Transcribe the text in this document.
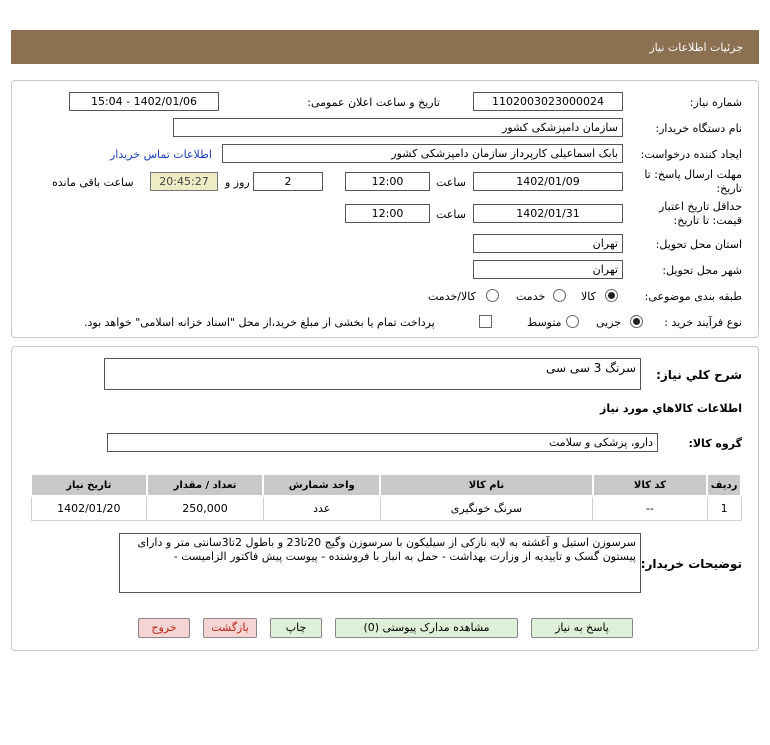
جزئیات اطلاعات نیاز
شماره نیاز:
1102003023000024
تاریخ و ساعت اعلان عمومی:
1402/01/06 - 15:04
نام دستگاه خریدار:
سازمان دامپزشکی کشور
ایجاد کننده درخواست:
بابک اسماعیلی کارپرداز سازمان دامپزشکی کشور
اطلاعات تماس خریدار
مهلت ارسال پاسخ: تا تاریخ:
1402/01/09
ساعت
12:00
2
روز و
20:45:27
ساعت باقی مانده
حداقل تاریخ اعتبار قیمت: تا تاریخ:
1402/01/31
ساعت
12:00
استان محل تحویل:
تهران
شهر محل تحویل:
تهران
طبقه بندی موضوعی:
کالا
خدمت
کالا/خدمت
نوع فرآیند خرید :
جزیی
متوسط
پرداخت تمام یا بخشی از مبلغ خرید،از محل "اسناد خزانه اسلامی" خواهد بود.
شرح کلي نياز:
سرنگ 3 سی سی
اطلاعات کالاهاي مورد نياز
گروه کالا:
دارو، پزشکی و سلامت
ردیف	کد کالا	نام کالا	واحد شمارش	تعداد / مقدار	تاریخ نیاز
1	--	سرنگ خونگیری	عدد	250,000	1402/01/20
توضیحات خریدار:
سرسوزن استیل و آغشته به لایه نازکی از سیلیکون با سرسوزن وگیج 20تا23 و باطول 2تا3سانتی متر و دارای پیستون گسک و تاییدیه از وزارت بهداشت - حمل به انبار با فروشنده - پیوست پیش فاکتور الزامیست -
پاسخ به نیاز
مشاهده مدارک پیوستی (0)
چاپ
بازگشت
خروج
